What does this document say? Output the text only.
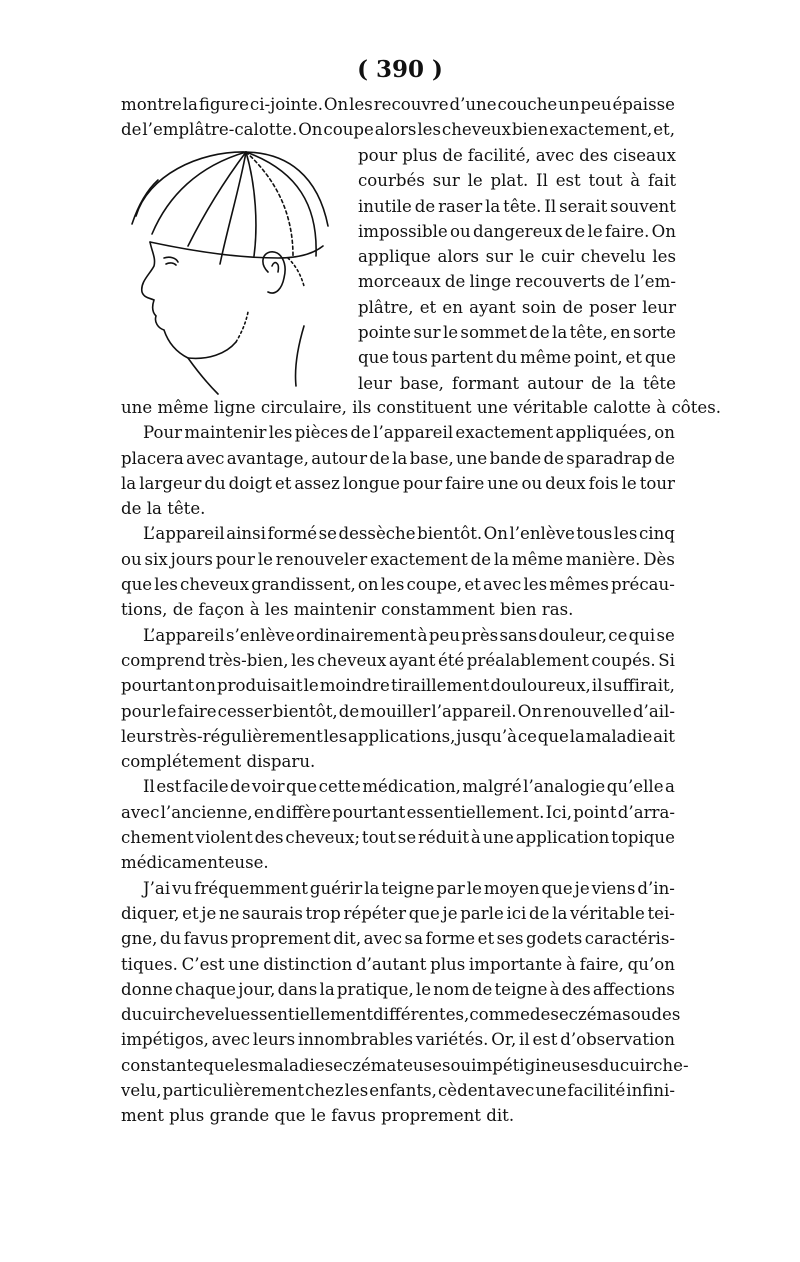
( 390 )
montre la figure ci-jointe. On les recouvre d’une couche un peu épaisse
de l’emplâtre-calotte. On coupe alors les cheveux bien exactement, et,
pour plus de facilité, avec des ciseaux
courbés sur le plat. Il est tout à fait
inutile de raser la tête. Il serait souvent
impossible ou dangereux de le faire. On
applique alors sur le cuir chevelu les
morceaux de linge recouverts de l’em-
plâtre, et en ayant soin de poser leur
pointe sur le sommet de la tête, en sorte
que tous partent du même point, et que
leur base, formant autour de la tête

une même ligne circulaire, ils constituent une véritable calotte à côtes.

Pour maintenir les pièces de l’appareil exactement appliquées, on
placera avec avantage, autour de la base, une bande de sparadrap de
la largeur du doigt et assez longue pour faire une ou deux fois le tour
de la tête.

L’appareil ainsi formé se dessèche bientôt. On l’enlève tous les cinq
ou six jours pour le renouveler exactement de la même manière. Dès
que les cheveux grandissent, on les coupe, et avec les mêmes précau-
tions, de façon à les maintenir constamment bien ras.

L’appareil s’enlève ordinairement à peu près sans douleur, ce qui se
comprend très-bien, les cheveux ayant été préalablement coupés. Si
pourtant on produisait le moindre tiraillement douloureux, il suffirait,
pour le faire cesser bientôt, de mouiller l’appareil. On renouvelle d’ail-
leurs très-régulièrement les applications, jusqu’à ce que la maladie ait
complétement disparu.

Il est facile de voir que cette médication, malgré l’analogie qu’elle a
avec l’ancienne, en diffère pourtant essentiellement. Ici, point d’arra-
chement violent des cheveux; tout se réduit à une application topique
médicamenteuse.

J’ai vu fréquemment guérir la teigne par le moyen que je viens d’in-
diquer, et je ne saurais trop répéter que je parle ici de la véritable tei-
gne, du favus proprement dit, avec sa forme et ses godets caractéris-
tiques. C’est une distinction d’autant plus importante à faire, qu’on
donne chaque jour, dans la pratique, le nom de teigne à des affections
du cuir chevelu essentiellement différentes, comme des eczémas ou des
impétigos, avec leurs innombrables variétés. Or, il est d’observation
constante que les maladies eczémateuses ou impétigineuses du cuir che-
velu, particulièrement chez les enfants, cèdent avec une facilité infini-
ment plus grande que le favus proprement dit.
